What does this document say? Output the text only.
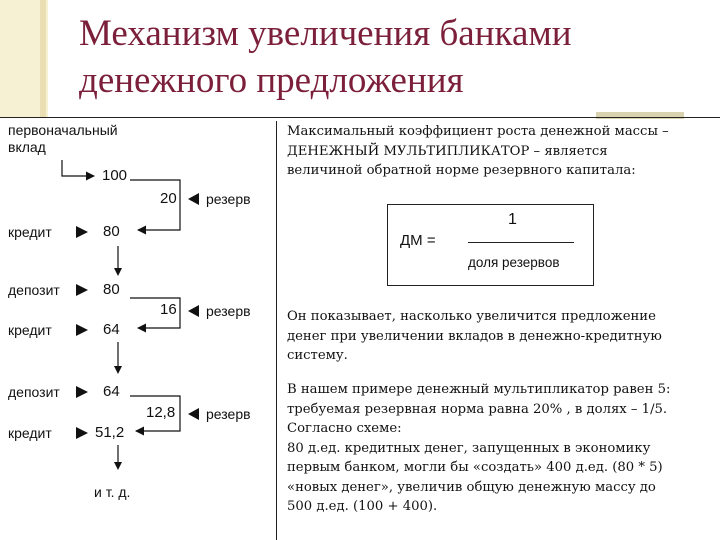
Механизм увеличения банками
денежного предложения
первоначальный
вклад
100
20 резерв
кредит	80
депозит	80
16 резерв
кредит	64
депозит	64
12,8 резерв
кредит	51,2
и т. д.
Максимальный коэффициент роста денежной массы –
ДЕНЕЖНЫЙ МУЛЬТИПЛИКАТОР – является
величиной обратной норме резервного капитала:
Он показывает, насколько увеличится предложение
денег при увеличении вкладов в денежно-кредитную
систему.
В нашем примере денежный мультипликатор равен 5:
требуемая резервная норма равна 20% , в долях – 1/5.
Согласно схеме:
80 д.ед. кредитных денег, запущенных в экономику
первым банком, могли бы «создать» 400 д.ед. (80 * 5)
«новых денег», увеличив общую денежную массу до
500 д.ед. (100 + 400).
ДМ =
1
доля резервов
